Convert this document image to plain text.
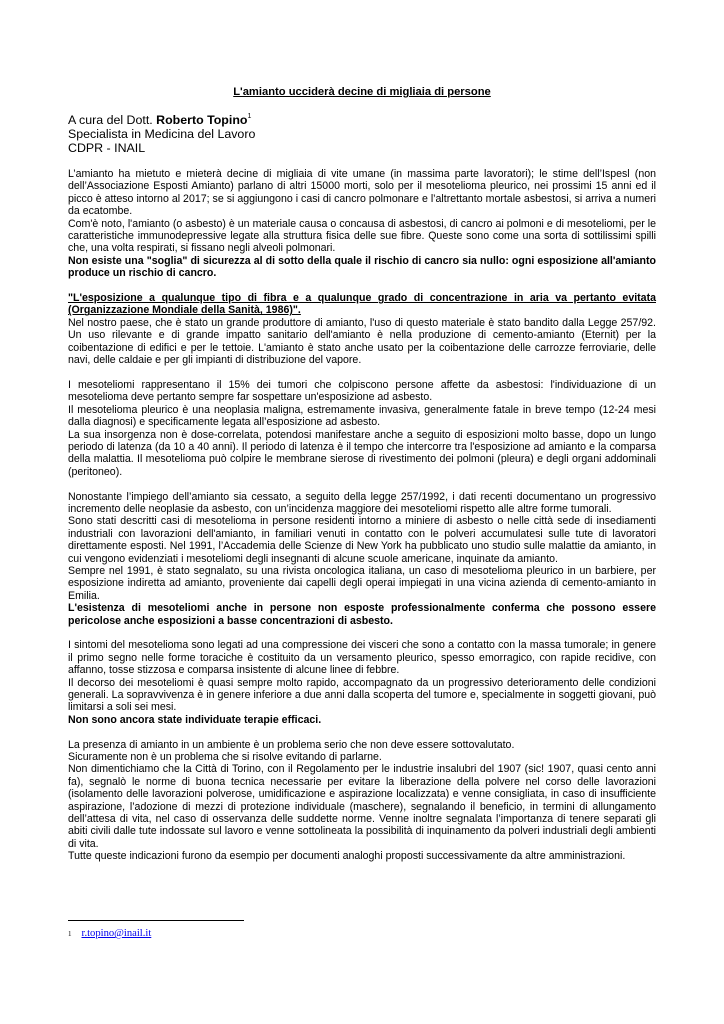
L'amianto ucciderà decine di migliaia di persone
A cura del Dott. Roberto Topino$^1$
Specialista in Medicina del Lavoro
CDPR - INAIL

L’amianto ha mietuto e mieterà decine di migliaia di vite umane (in massima parte lavoratori); le stime dell’Ispesl (non dell’Associazione Esposti Amianto) parlano di altri 15000 morti, solo per il mesotelioma pleurico, nei prossimi 15 anni ed il picco è atteso intorno al 2017; se si aggiungono i casi di cancro polmonare e l’altrettanto mortale asbestosi, si arriva a numeri da ecatombe.

Com'è noto, l'amianto (o asbesto) è un materiale causa o concausa di asbestosi, di cancro ai polmoni e di mesoteliomi, per le caratteristiche immunodepressive legate alla struttura fisica delle sue fibre. Queste sono come una sorta di sottilissimi spilli che, una volta respirati, si fissano negli alveoli polmonari.

Non esiste una "soglia" di sicurezza al di sotto della quale il rischio di cancro sia nullo: ogni esposizione all'amianto produce un rischio di cancro.

"L'esposizione a qualunque tipo di fibra e a qualunque grado di concentrazione in aria va pertanto evitata (Organizzazione Mondiale della Sanità, 1986)".

Nel nostro paese, che è stato un grande produttore di amianto, l'uso di questo materiale è stato bandito dalla Legge 257/92. Un uso rilevante e di grande impatto sanitario dell'amianto è nella produzione di cemento-amianto (Eternit) per la coibentazione di edifici e per le tettoie. L'amianto è stato anche usato per la coibentazione delle carrozze ferroviarie, delle navi, delle caldaie e per gli impianti di distribuzione del vapore.

I mesoteliomi rappresentano il 15% dei tumori che colpiscono persone affette da asbestosi: l'individuazione di un mesotelioma deve pertanto sempre far sospettare un'esposizione ad asbesto.

Il mesotelioma pleurico è una neoplasia maligna, estremamente invasiva, generalmente fatale in breve tempo (12-24 mesi dalla diagnosi) e specificamente legata all’esposizione ad asbesto.

La sua insorgenza non è dose-correlata, potendosi manifestare anche a seguito di esposizioni molto basse, dopo un lungo periodo di latenza (da 10 a 40 anni). Il periodo di latenza è il tempo che intercorre tra l'esposizione ad amianto e la comparsa della malattia. Il mesotelioma può colpire le membrane sierose di rivestimento dei polmoni (pleura) e degli organi addominali (peritoneo).

Nonostante l’impiego dell’amianto sia cessato, a seguito della legge 257/1992, i dati recenti documentano un progressivo incremento delle neoplasie da asbesto, con un’incidenza maggiore dei mesoteliomi rispetto alle altre forme tumorali.

Sono stati descritti casi di mesotelioma in persone residenti intorno a miniere di asbesto o nelle città sede di insediamenti industriali con lavorazioni dell'amianto, in familiari venuti in contatto con le polveri accumulatesi sulle tute di lavoratori direttamente esposti. Nel 1991, l’Accademia delle Scienze di New York ha pubblicato uno studio sulle malattie da amianto, in cui vengono evidenziati i mesoteliomi degli insegnanti di alcune scuole americane, inquinate da amianto.

Sempre nel 1991, è stato segnalato, su una rivista oncologica italiana, un caso di mesotelioma pleurico in un barbiere, per esposizione indiretta ad amianto, proveniente dai capelli degli operai impiegati in una vicina azienda di cemento-amianto in Emilia.

L'esistenza di mesoteliomi anche in persone non esposte professionalmente conferma che possono essere pericolose anche esposizioni a basse concentrazioni di asbesto.

I sintomi del mesotelioma sono legati ad una compressione dei visceri che sono a contatto con la massa tumorale; in genere il primo segno nelle forme toraciche è costituito da un versamento pleurico, spesso emorragico, con rapide recidive, con affanno, tosse stizzosa e comparsa insistente di alcune linee di febbre.

Il decorso dei mesoteliomi è quasi sempre molto rapido, accompagnato da un progressivo deterioramento delle condizioni generali. La sopravvivenza è in genere inferiore a due anni dalla scoperta del tumore e, specialmente in soggetti giovani, può limitarsi a soli sei mesi.

Non sono ancora state individuate terapie efficaci.

La presenza di amianto in un ambiente è un problema serio che non deve essere sottovalutato.

Sicuramente non è un problema che si risolve evitando di parlarne.

Non dimentichiamo che la Città di Torino, con il Regolamento per le industrie insalubri del 1907 (sic! 1907, quasi cento anni fa), segnalò le norme di buona tecnica necessarie per evitare la liberazione della polvere nel corso delle lavorazioni (isolamento delle lavorazioni polverose, umidificazione e aspirazione localizzata) e venne consigliata, in caso di insufficiente aspirazione, l’adozione di mezzi di protezione individuale (maschere), segnalando il beneficio, in termini di allungamento dell’attesa di vita, nel caso di osservanza delle suddette norme. Venne inoltre segnalata l’importanza di tenere separati gli abiti civili dalle tute indossate sul lavoro e venne sottolineata la possibilità di inquinamento da polveri industriali degli ambienti di vita.

Tutte queste indicazioni furono da esempio per documenti analoghi proposti successivamente da altre amministrazioni.

$^1$ r.topino@inail.it
